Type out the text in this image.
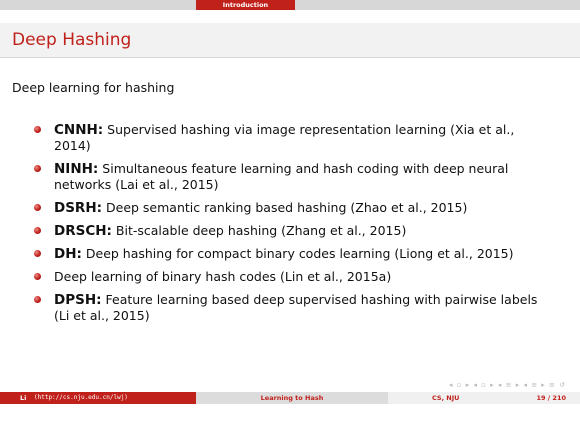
Introduction
Deep Hashing
Deep learning for hashing
CNNH: Supervised hashing via image representation learning (Xia et al., 2014)
NINH: Simultaneous feature learning and hash coding with deep neural networks (Lai et al., 2015)
DSRH: Deep semantic ranking based hashing (Zhao et al., 2015)
DRSCH: Bit-scalable deep hashing (Zhang et al., 2015)
DH: Deep hashing for compact binary codes learning (Liong et al., 2015)
Deep learning of binary hash codes (Lin et al., 2015a)
DPSH: Feature learning based deep supervised hashing with pairwise labels (Li et al., 2015)
◂ ▫ ▸ ◂ ▫ ▸ ◂ ≡ ▸ ◂ ≡ ▸ ≡ ↺
Li (http://cs.nju.edu.cn/lwj)	Learning to Hash	CS, NJU	19 / 210
